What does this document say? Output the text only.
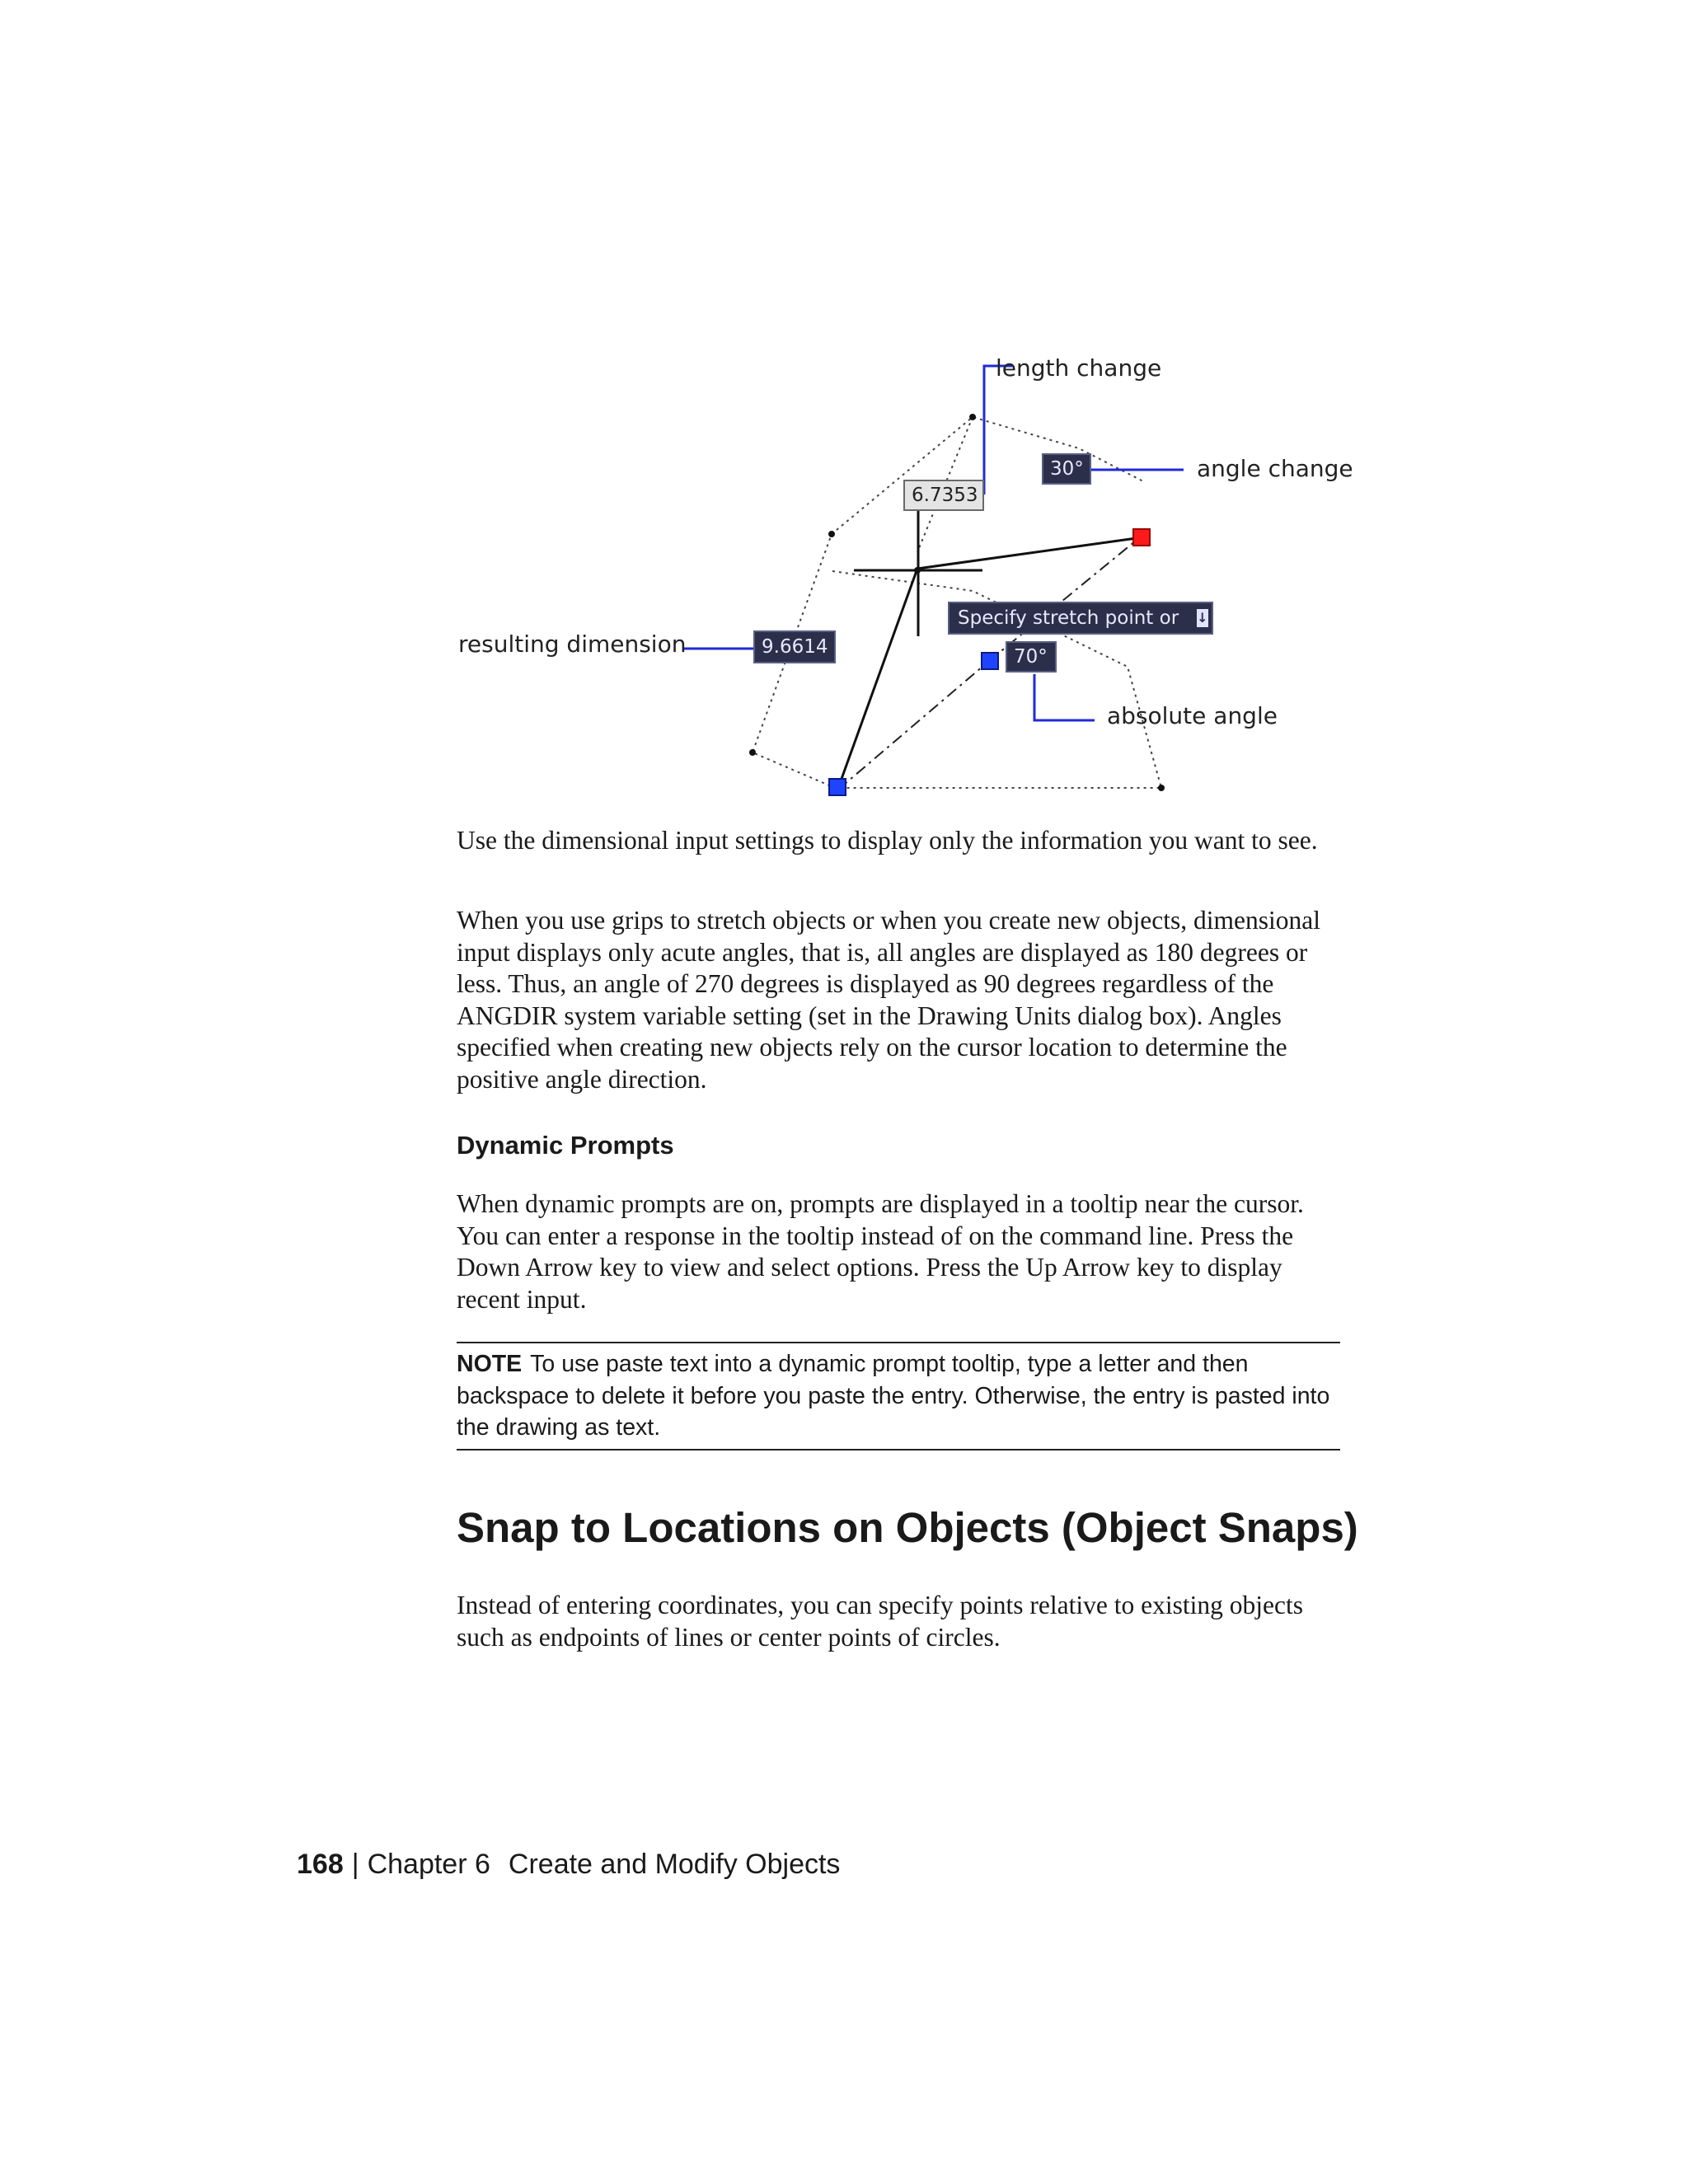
length change
angle change
resulting dimension
absolute angle
6.7353
30°
9.6614	70°
Specify stretch point or ↓

Use the dimensional input settings to display only the information you want to see.

When you use grips to stretch objects or when you create new objects, dimensional input displays only acute angles, that is, all angles are displayed as 180 degrees or less. Thus, an angle of 270 degrees is displayed as 90 degrees regardless of the ANGDIR system variable setting (set in the Drawing Units dialog box). Angles specified when creating new objects rely on the cursor location to determine the positive angle direction.

Dynamic Prompts

When dynamic prompts are on, prompts are displayed in a tooltip near the cursor. You can enter a response in the tooltip instead of on the command line. Press the Down Arrow key to view and select options. Press the Up Arrow key to display recent input.

NOTE To use paste text into a dynamic prompt tooltip, type a letter and then backspace to delete it before you paste the entry. Otherwise, the entry is pasted into the drawing as text.
Snap to Locations on Objects (Object Snaps)

Instead of entering coordinates, you can specify points relative to existing objects such as endpoints of lines or center points of circles.

168 | Chapter 6 Create and Modify Objects
